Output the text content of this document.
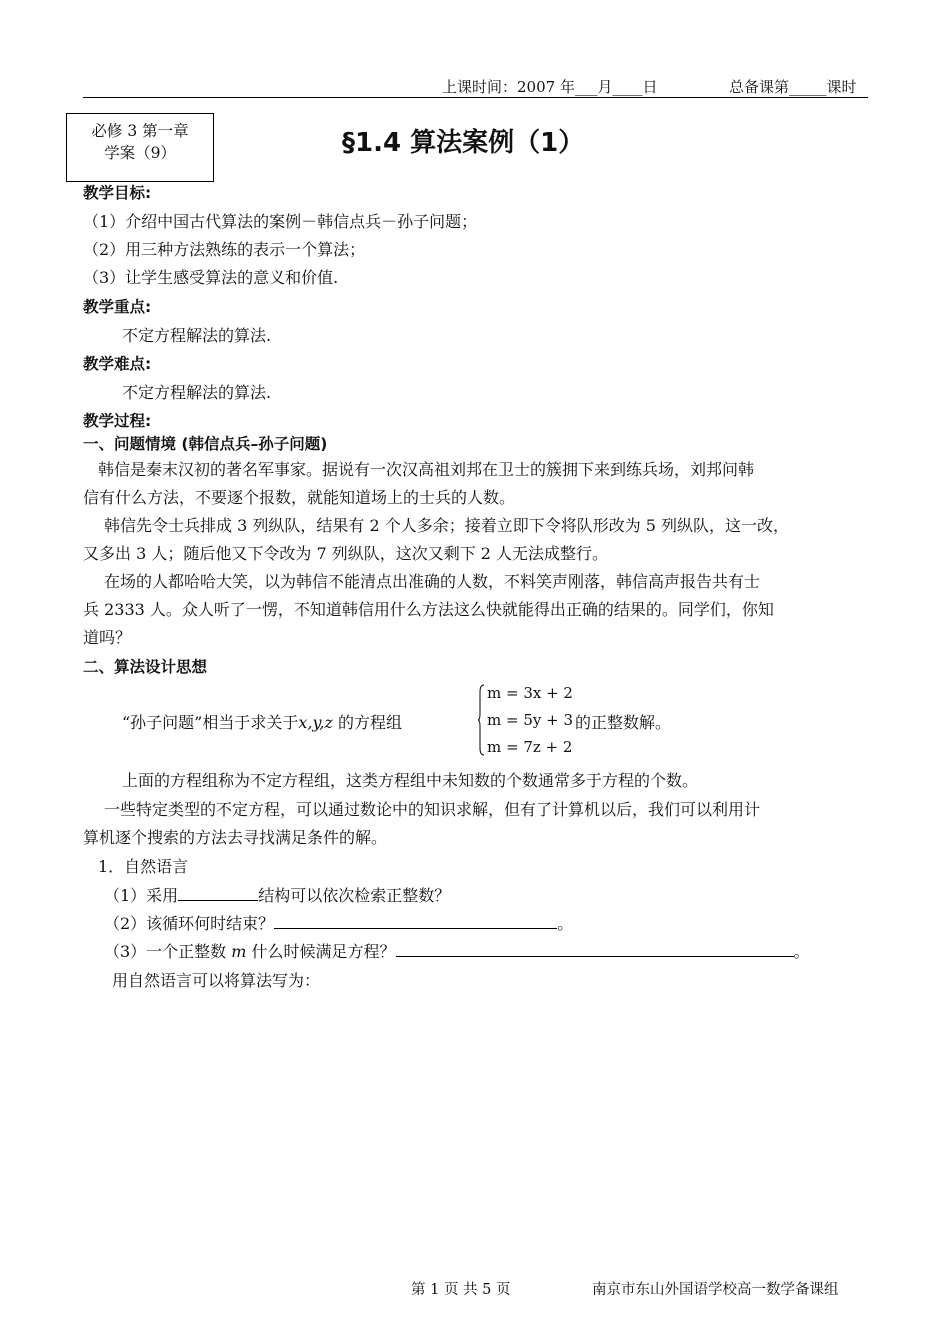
上课时间：2007 年___月____日	总备课第_____课时
必修 3 第一章
学案（9）	§1.4 算法案例（1）
教学目标:
（1）介绍中国古代算法的案例－韩信点兵－孙子问题；
（2）用三种方法熟练的表示一个算法；
（3）让学生感受算法的意义和价值.
教学重点:
不定方程解法的算法.
教学难点:
不定方程解法的算法.
教学过程:
一、问题情境 (韩信点兵–孙子问题)
韩信是秦末汉初的著名军事家。据说有一次汉高祖刘邦在卫士的簇拥下来到练兵场，刘邦问韩
信有什么方法，不要逐个报数，就能知道场上的士兵的人数。
韩信先令士兵排成 3 列纵队，结果有 2 个人多余；接着立即下令将队形改为 5 列纵队，这一改，
又多出 3 人；随后他又下令改为 7 列纵队，这次又剩下 2 人无法成整行。
在场的人都哈哈大笑，以为韩信不能清点出准确的人数，不料笑声刚落，韩信高声报告共有士
兵 2333 人。众人听了一愣，不知道韩信用什么方法这么快就能得出正确的结果的。同学们，你知
道吗？
二、算法设计思想
“孙子问题”相当于求关于x,y,z 的方程组
m = 3x + 2
m = 5y + 3
m = 7z + 2
的正整数解。
上面的方程组称为不定方程组，这类方程组中未知数的个数通常多于方程的个数。
一些特定类型的不定方程，可以通过数论中的知识求解，但有了计算机以后，我们可以利用计
算机逐个搜索的方法去寻找满足条件的解。
1．自然语言
（1）采用	结构可以依次检索正整数？
（2）该循环何时结束？	。
（3）一个正整数 m 什么时候满足方程？	。
用自然语言可以将算法写为：
第 1 页 共 5 页	南京市东山外国语学校高一数学备课组
